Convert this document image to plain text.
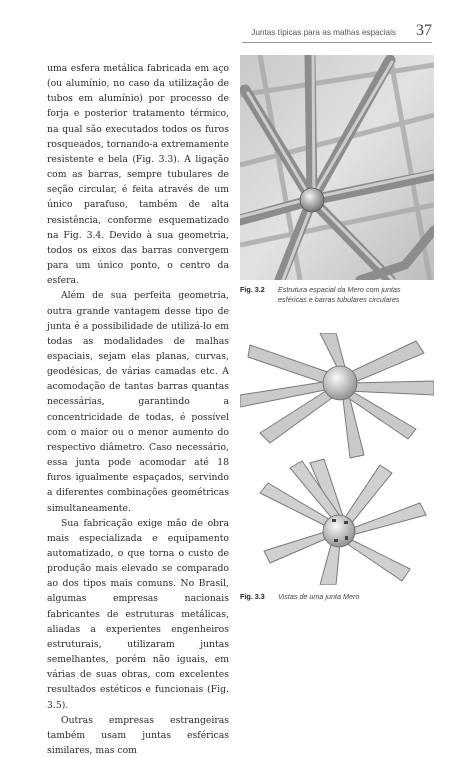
Juntas típicas para as malhas espaciais 37

uma esfera metálica fabricada em aço (ou alumínio, no caso da utilização de tubos em alumínio) por processo de forja e posterior tratamento térmico, na qual são executados todos os furos rosqueados, tornando-a extremamente resistente e bela (Fig. 3.3). A ligação com as barras, sempre tubulares de seção circular, é feita através de um único parafuso, também de alta resistência, conforme esquematizado na Fig. 3.4. Devido à sua geometria, todos os eixos das barras convergem para um único ponto, o centro da esfera.

Além de sua perfeita geometria, outra grande vantagem desse tipo de junta é a possibilidade de utilizá-lo em todas as modalidades de malhas espaciais, sejam elas planas, curvas, geodésicas, de várias camadas etc. A acomodação de tantas barras quantas necessárias, garantindo a concentricidade de todas, é possível com o maior ou o menor aumento do respectivo diâmetro. Caso necessário, essa junta pode acomodar até 18 furos igualmente espaçados, servindo a diferentes combinações geométricas simultaneamente.

Sua fabricação exige mão de obra mais especializada e equipamento automatizado, o que torna o custo de produção mais elevado se comparado ao dos tipos mais comuns. No Brasil, algumas empresas nacionais fabricantes de estruturas metálicas, aliadas a experientes engenheiros estruturais, utilizaram juntas semelhantes, porém não iguais, em várias de suas obras, com excelentes resultados estéticos e funcionais (Fig. 3.5).

Outras empresas estrangeiras também usam juntas esféricas similares, mas com

Fig. 3.2 Estrutura espacial da Mero com juntas esféricas e barras tubulares circulares
Fig. 3.3 Vistas de uma junta Mero
